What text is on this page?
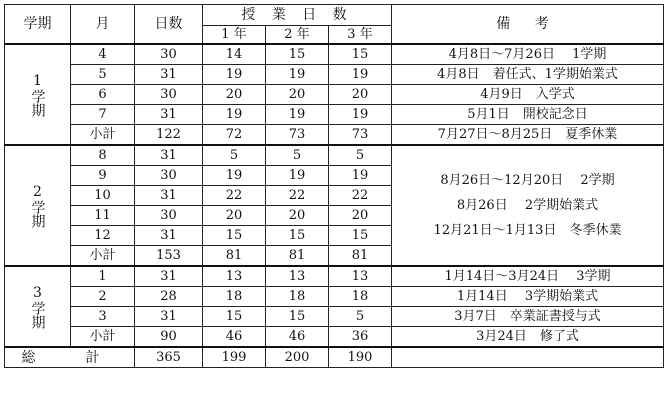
学期	月	日数	授 業 日 数			備 考
			1 年	2 年	3 年	

1学期	4	30	14	15	15	4月8日～7月26日　 1学期
	5	31	19	19	19	4月8日　着任式、1学期始業式
	6	30	20	20	20	4月9日　入学式
	7	31	19	19	19	5月1日　開校記念日
	小計	122	72	73	73	7月27日～8月25日　夏季休業

2学期	8	31	5	5	5	8月26日～12月20日　 2学期
8月26日　 2学期始業式
12月21日～1月13日　冬季休業

	9	30	19	19	19	
	10	31	22	22	22	
	11	30	20	20	20	
	12	31	15	15	15	
	小計	153	81	81	81	

3学期	1	31	13	13	13	1月14日～3月24日　 3学期
	2	28	18	18	18	1月14日　 3学期始業式
	3	31	15	15	5	3月7日　卒業証書授与式
	小計	90	46	46	36	3月24日　修了式
総　計		365	199	200	190	
